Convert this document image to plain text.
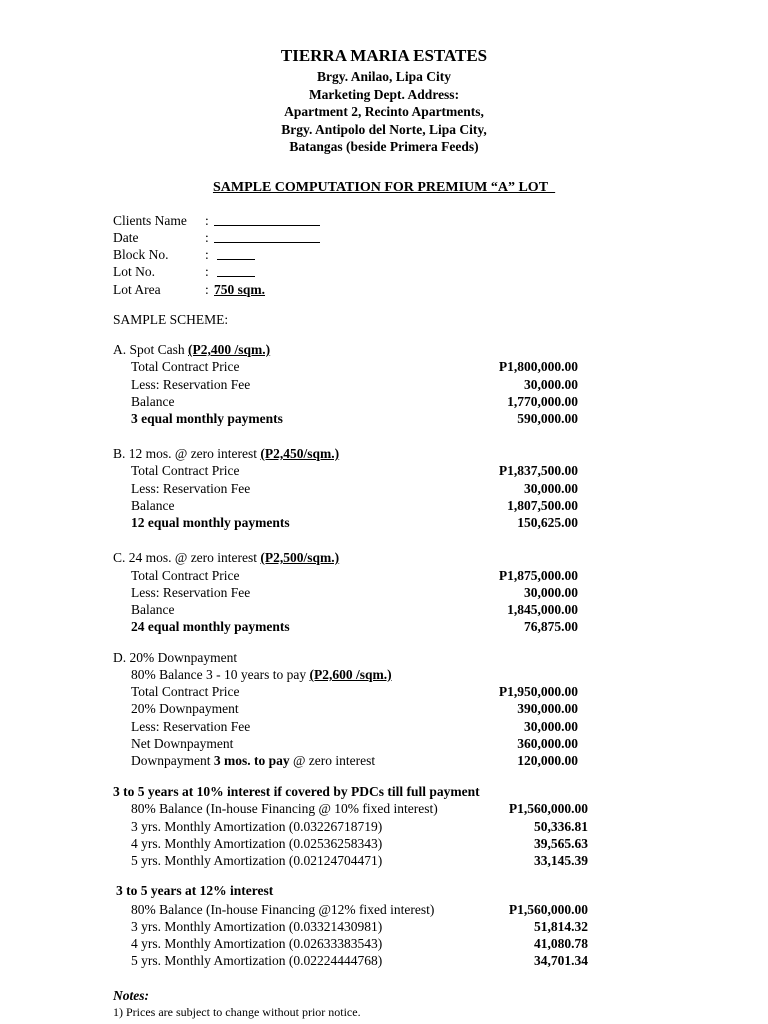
TIERRA MARIA ESTATES
Brgy. Anilao, Lipa City
Marketing Dept. Address:
Apartment 2, Recinto Apartments,
Brgy. Antipolo del Norte, Lipa City,
Batangas (beside Primera Feeds)
SAMPLE COMPUTATION FOR PREMIUM “A” LOT_
Clients Name :
Date	:
Block No.	:
Lot No.	:
Lot Area	: 750 sqm.
SAMPLE SCHEME:
A. Spot Cash (P2,400 /sqm.)
Total Contract Price	P1,800,000.00
Less: Reservation Fee	30,000.00
Balance	1,770,000.00
3 equal monthly payments	590,000.00
B. 12 mos. @ zero interest (P2,450/sqm.)
Total Contract Price	P1,837,500.00
Less: Reservation Fee	30,000.00
Balance	1,807,500.00
12 equal monthly payments	150,625.00
C. 24 mos. @ zero interest (P2,500/sqm.)
Total Contract Price	P1,875,000.00
Less: Reservation Fee	30,000.00
Balance	1,845,000.00
24 equal monthly payments	76,875.00
D. 20% Downpayment
80% Balance 3 - 10 years to pay (P2,600 /sqm.)
Total Contract Price	P1,950,000.00
20% Downpayment	390,000.00
Less: Reservation Fee	30,000.00
Net Downpayment	360,000.00
Downpayment 3 mos. to pay @ zero interest	120,000.00
3 to 5 years at 10% interest if covered by PDCs till full payment
80% Balance (In-house Financing @ 10% fixed interest)	P1,560,000.00
3 yrs. Monthly Amortization (0.03226718719)	50,336.81
4 yrs. Monthly Amortization (0.02536258343)	39,565.63
5 yrs. Monthly Amortization (0.02124704471)	33,145.39
3 to 5 years at 12% interest
80% Balance (In-house Financing @12% fixed interest)	P1,560,000.00
3 yrs. Monthly Amortization (0.03321430981)	51,814.32
4 yrs. Monthly Amortization (0.02633383543)	41,080.78
5 yrs. Monthly Amortization (0.02224444768)	34,701.34
Notes:
1) Prices are subject to change without prior notice.
